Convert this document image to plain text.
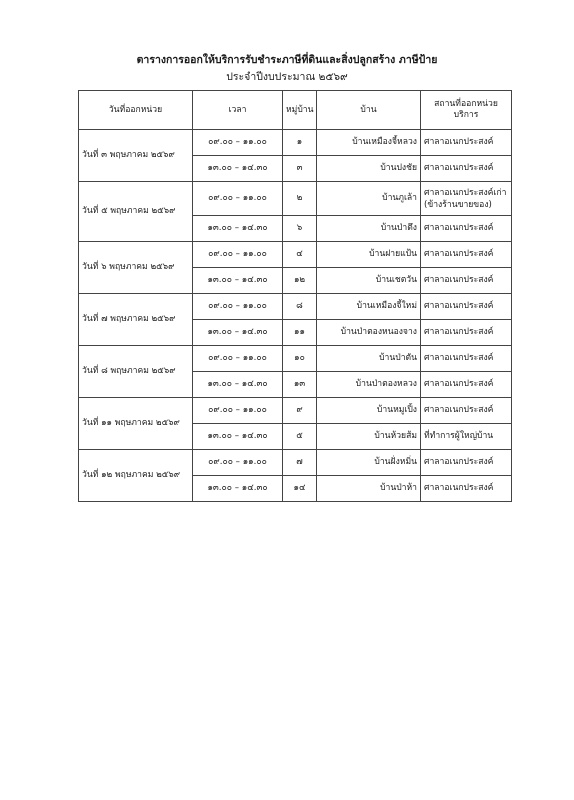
ตารางการออกให้บริการรับชำระภาษีที่ดินและสิ่งปลูกสร้าง ภาษีป้าย
ประจำปีงบประมาณ ๒๕๖๙
วันที่ออกหน่วย	เวลา	หมู่บ้าน	บ้าน	สถานที่ออกหน่วย
บริการ

วันที่ ๓ พฤษภาคม ๒๕๖๙	๐๙.๐๐ – ๑๑.๐๐	๑	บ้านเหมืองจี้หลวง	ศาลาอเนกประสงค์
	๑๓.๐๐ – ๑๔.๓๐	๓	บ้านปงชัย	ศาลาอเนกประสงค์
วันที่ ๕ พฤษภาคม ๒๕๖๙	๐๙.๐๐ – ๑๑.๐๐	๒	บ้านภูเล้า	ศาลาอเนกประสงค์เก่า
(ข้างร้านขายของ)
	๑๓.๐๐ – ๑๔.๓๐	๖	บ้านป่าตึง	ศาลาอเนกประสงค์
วันที่ ๖ พฤษภาคม ๒๕๖๙	๐๙.๐๐ – ๑๑.๐๐	๔	บ้านฝายแป้น	ศาลาอเนกประสงค์
	๑๓.๐๐ – ๑๔.๓๐	๑๒	บ้านเชตวัน	ศาลาอเนกประสงค์
วันที่ ๗ พฤษภาคม ๒๕๖๙	๐๙.๐๐ – ๑๑.๐๐	๘	บ้านเหมืองจี้ใหม่	ศาลาอเนกประสงค์
	๑๓.๐๐ – ๑๔.๓๐	๑๑	บ้านป่าตองหนองจาง	ศาลาอเนกประสงค์
วันที่ ๘ พฤษภาคม ๒๕๖๙	๐๙.๐๐ – ๑๑.๐๐	๑๐	บ้านป่าตัน	ศาลาอเนกประสงค์
	๑๓.๐๐ – ๑๔.๓๐	๑๓	บ้านป่าตองหลวง	ศาลาอเนกประสงค์
วันที่ ๑๑ พฤษภาคม ๒๕๖๙	๐๙.๐๐ – ๑๑.๐๐	๙	บ้านหมูเปิ้ง	ศาลาอเนกประสงค์
	๑๓.๐๐ – ๑๔.๓๐	๕	บ้านห้วยส้ม	ที่ทำการผู้ใหญ่บ้าน
วันที่ ๑๒ พฤษภาคม ๒๕๖๙	๐๙.๐๐ – ๑๑.๐๐	๗	บ้านฝั่งหมิ่น	ศาลาอเนกประสงค์
	๑๓.๐๐ – ๑๔.๓๐	๑๔	บ้านป่าห้า	ศาลาอเนกประสงค์
